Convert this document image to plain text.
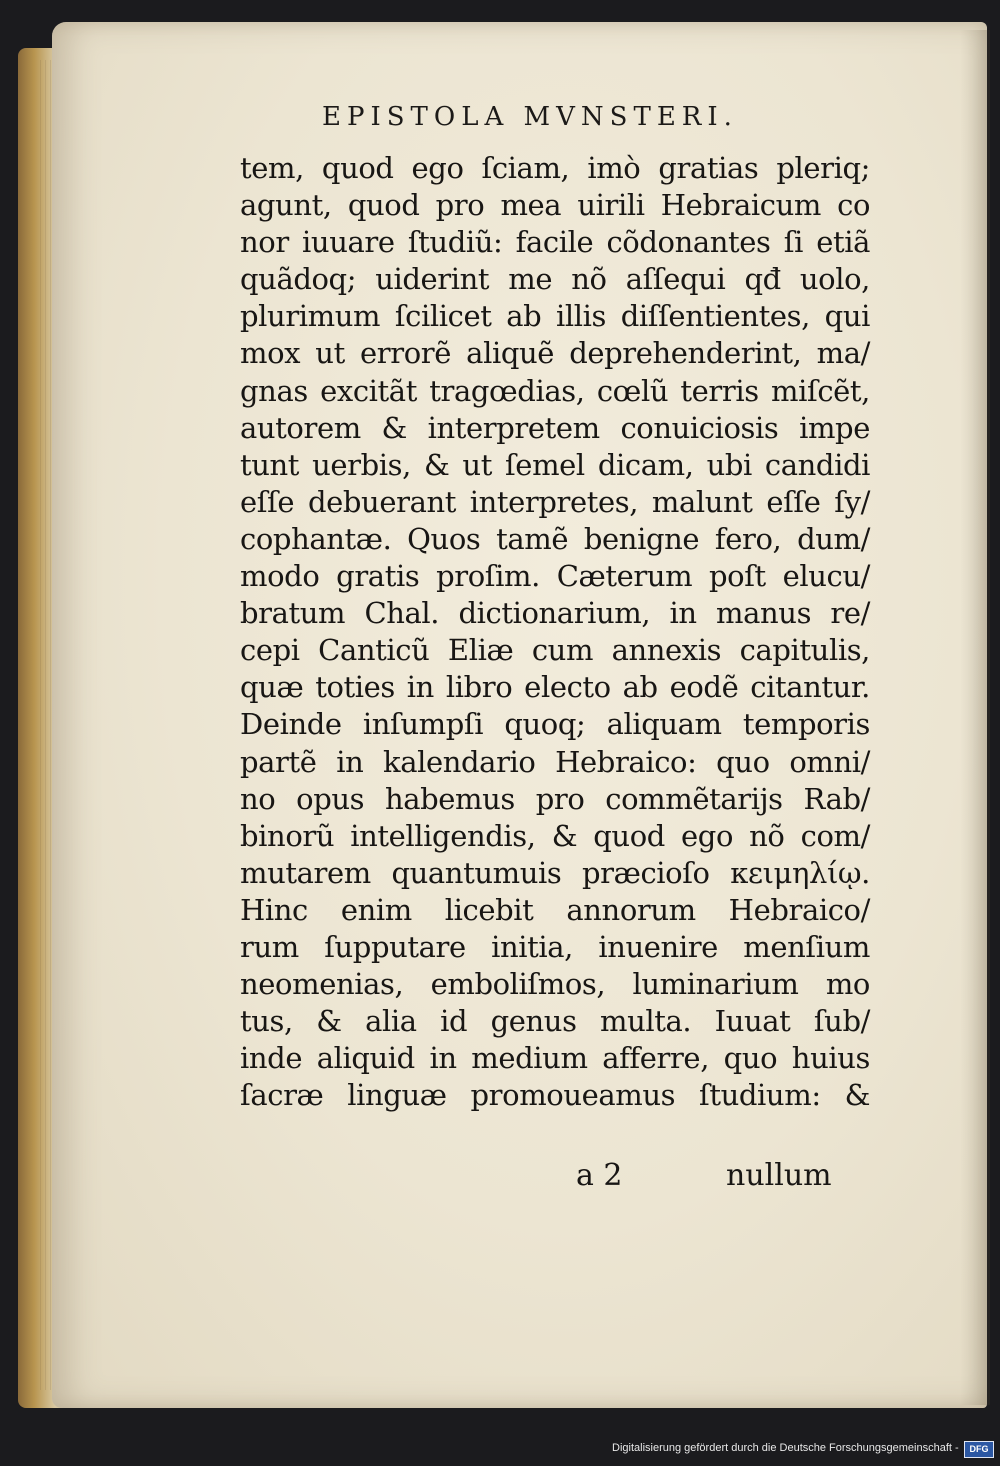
EPISTOLA MVNSTERI.
tem, quod ego ſciam, imò gratias pleriq;
agunt, quod pro mea uirili Hebraicum co
nor iuuare ſtudiũ: facile cõdonantes ſi etiã
quãdoq; uiderint me nõ aſſequi qđ uolo,
plurimum ſcilicet ab illis diſſentientes, qui
mox ut errorẽ aliquẽ deprehenderint, ma/
gnas excitãt tragœdias, cœlũ terris miſcẽt,
autorem & interpretem conuiciosis impe
tunt uerbis, & ut ſemel dicam, ubi candidi
eſſe debuerant interpretes, malunt eſſe ſy/
cophantæ. Quos tamẽ benigne fero, dum/
modo gratis proſim. Cæterum poſt elucu/
bratum Chal. dictionarium, in manus re/
cepi Canticũ Eliæ cum annexis capitulis,
quæ toties in libro electo ab eodẽ citantur.
Deinde inſumpſi quoq; aliquam temporis
partẽ in kalendario Hebraico: quo omni/
no opus habemus pro commẽtarijs Rab/
binorũ intelligendis, & quod ego nõ com/
mutarem quantumuis præcioſo κειμηλίῳ.
Hinc enim licebit annorum Hebraico/
rum ſupputare initia, inuenire menſium
neomenias, emboliſmos, luminarium mo
tus, & alia id genus multa. Iuuat ſub/
inde aliquid in medium afferre, quo huius
ſacræ linguæ promoueamus ſtudium: &
a 2	nullum
Digitalisierung gefördert durch die Deutsche Forschungsgemeinschaft -	DFG
